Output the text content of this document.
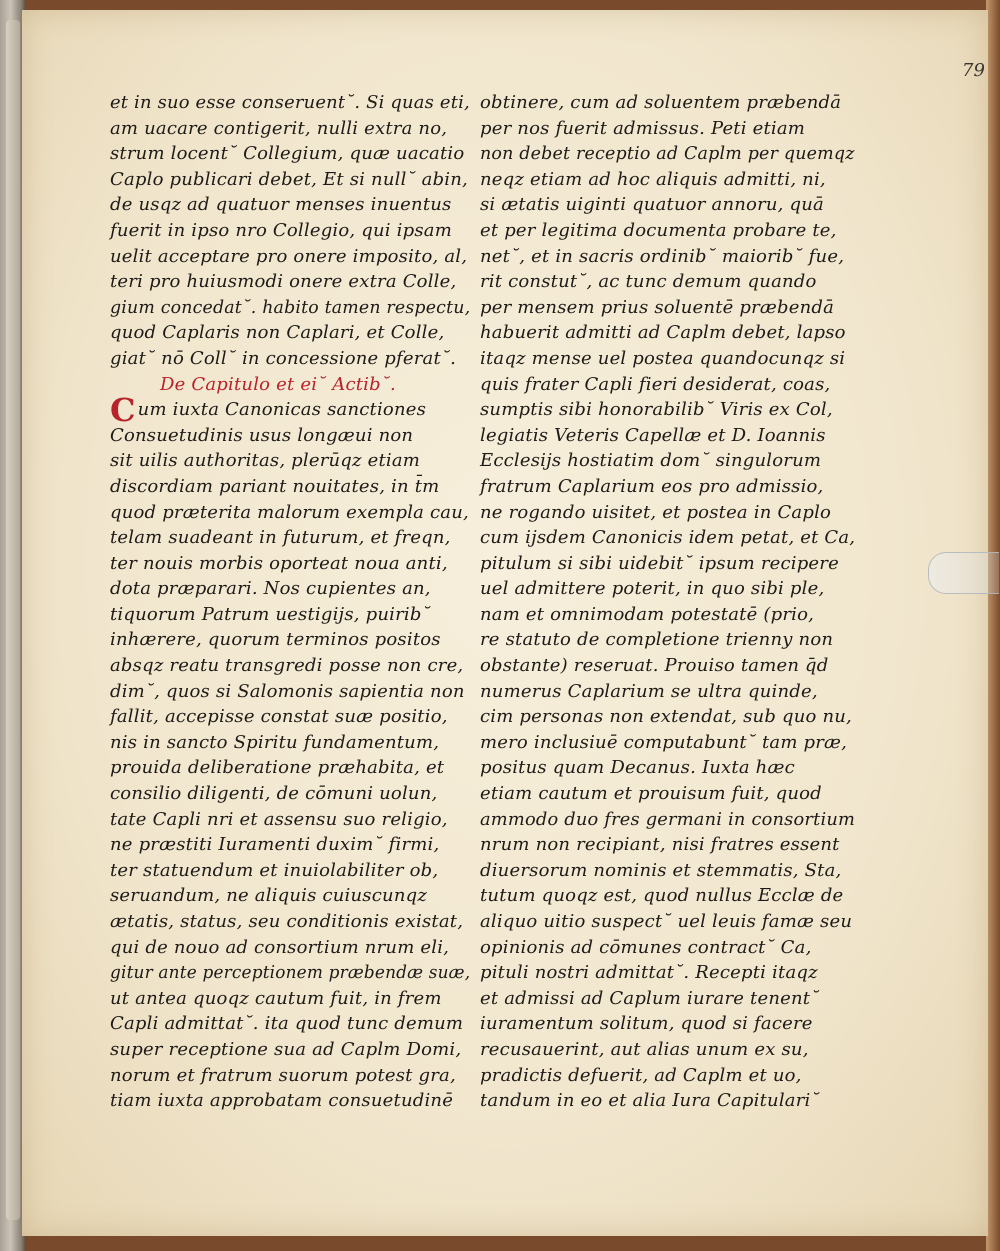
79
et in suo esse conseruent˘. Si quas eti,
am uacare contigerit, nulli extra no,
strum locent˘ Collegium, quæ uacatio
Caplo publicari debet, Et si null˘ abin,
de usqz ad quatuor menses inuentus
fuerit in ipso nro Collegio, qui ipsam
uelit acceptare pro onere imposito, al,
teri pro huiusmodi onere extra Colle,
gium concedat˘. habito tamen respectu,
quod Caplaris non Caplari, et Colle,
giat˘ nō Coll˘ in concessione pferat˘.
De Capitulo et ei˘ Actib˘.
Cum iuxta Canonicas sanctiones
Consuetudinis usus longæui non
sit uilis authoritas, plerūqz etiam
discordiam pariant nouitates, in t̄m
quod præterita malorum exempla cau,
telam suadeant in futurum, et freqn,
ter nouis morbis oporteat noua anti,
dota præparari. Nos cupientes an,
tiquorum Patrum uestigijs, puirib˘
inhærere, quorum terminos positos
absqz reatu transgredi posse non cre,
dim˘, quos si Salomonis sapientia non
fallit, accepisse constat suæ positio,
nis in sancto Spiritu fundamentum,
prouida deliberatione præhabita, et
consilio diligenti, de cōmuni uolun,
tate Capli nri et assensu suo religio,
ne præstiti Iuramenti duxim˘ firmi,
ter statuendum et inuiolabiliter ob,
seruandum, ne aliquis cuiuscunqz
ætatis, status, seu conditionis existat,
qui de nouo ad consortium nrum eli,
gitur ante perceptionem præbendæ suæ,
ut antea quoqz cautum fuit, in frem
Capli admittat˘. ita quod tunc demum
super receptione sua ad Caplm Domi,
norum et fratrum suorum potest gra,
tiam iuxta approbatam consuetudinē
obtinere, cum ad soluentem præbendā
per nos fuerit admissus. Peti etiam
non debet receptio ad Caplm per quemqz
neqz etiam ad hoc aliquis admitti, ni,
si ætatis uiginti quatuor annoru, quā
et per legitima documenta probare te,
net˘, et in sacris ordinib˘ maiorib˘ fue,
rit constut˘, ac tunc demum quando
per mensem prius soluentē præbendā
habuerit admitti ad Caplm debet, lapso
itaqz mense uel postea quandocunqz si
quis frater Capli fieri desiderat, coas,
sumptis sibi honorabilib˘ Viris ex Col,
legiatis Veteris Capellæ et D. Ioannis
Ecclesijs hostiatim dom˘ singulorum
fratrum Caplarium eos pro admissio,
ne rogando uisitet, et postea in Caplo
cum ijsdem Canonicis idem petat, et Ca,
pitulum si sibi uidebit˘ ipsum recipere
uel admittere poterit, in quo sibi ple,
nam et omnimodam potestatē (prio,
re statuto de completione trienny non
obstante) reseruat. Prouiso tamen q̄d
numerus Caplarium se ultra quinde,
cim personas non extendat, sub quo nu,
mero inclusiuē computabunt˘ tam præ,
positus quam Decanus. Iuxta hæc
etiam cautum et prouisum fuit, quod
ammodo duo fres germani in consortium
nrum non recipiant, nisi fratres essent
diuersorum nominis et stemmatis, Sta,
tutum quoqz est, quod nullus Ecclæ de
aliquo uitio suspect˘ uel leuis famæ seu
opinionis ad cōmunes contract˘ Ca,
pituli nostri admittat˘. Recepti itaqz
et admissi ad Caplum iurare tenent˘
iuramentum solitum, quod si facere
recusauerint, aut alias unum ex su,
pradictis defuerit, ad Caplm et uo,
tandum in eo et alia Iura Capitulari˘
